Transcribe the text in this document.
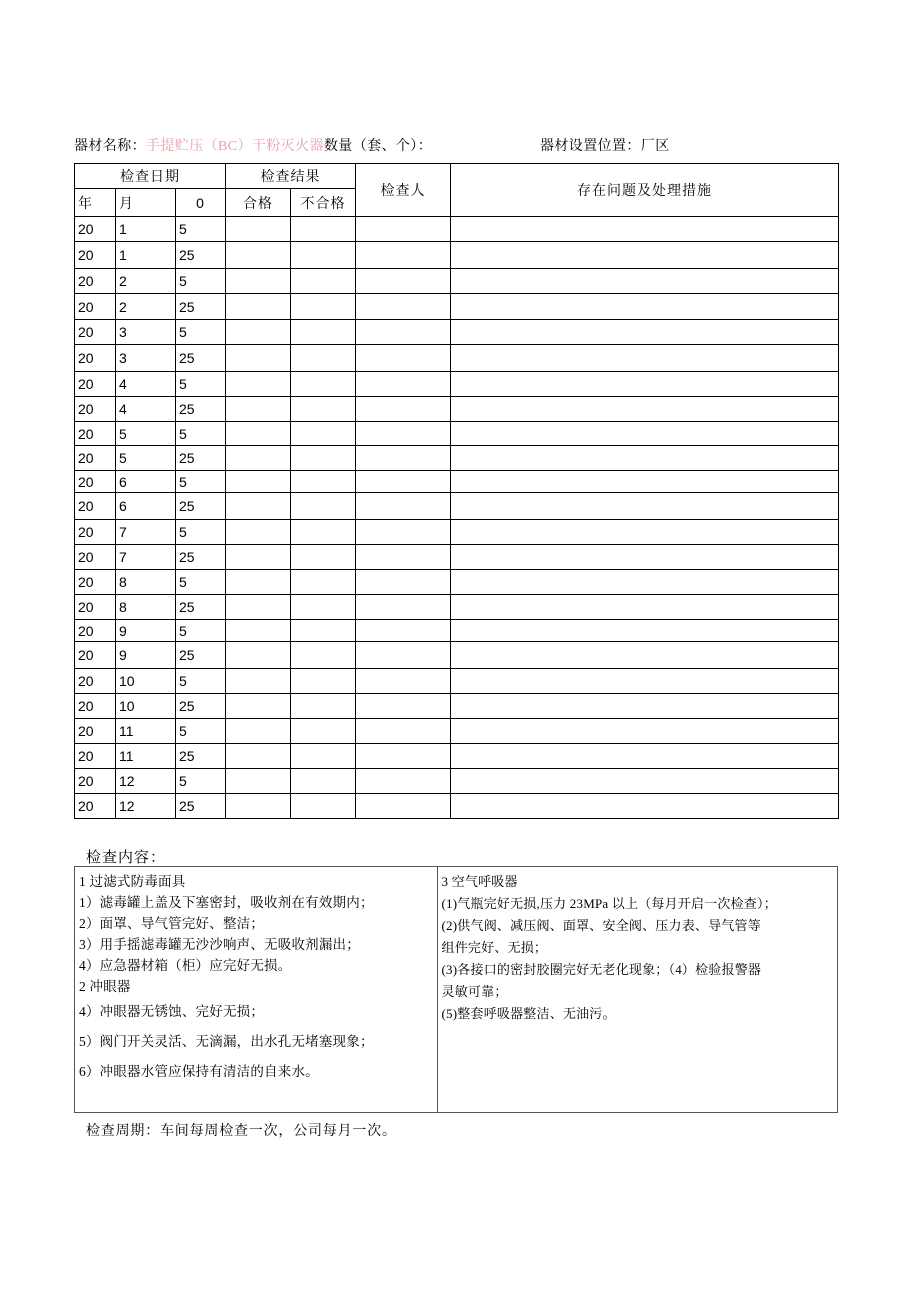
器材名称：手提贮压（BC）干粉灭火器数量（套、个）：	器材设置位置：厂区
检查日期			检查结果		检查人	存在问题及处理措施
年	月	0	合格	不合格		
20	1	5				
20	1	25				
20	2	5				
20	2	25				
20	3	5				
20	3	25				
20	4	5				
20	4	25				
20	5	5				
20	5	25				
20	6	5				
20	6	25				
20	7	5				
20	7	25				
20	8	5				
20	8	25				
20	9	5				
20	9	25				
20	10	5				
20	10	25				
20	11	5				
20	11	25				
20	12	5				
20	12	25				
检查内容：

1 过滤式防毒面具

1）滤毒罐上盖及下塞密封，吸收剂在有效期内；

2）面罩、导气管完好、整洁；

3）用手摇滤毒罐无沙沙响声、无吸收剂漏出；

4）应急器材箱（柜）应完好无损。

2 冲眼器

4）冲眼器无锈蚀、完好无损；

5）阀门开关灵活、无滴漏，出水孔无堵塞现象；

6）冲眼器水管应保持有清洁的自来水。

3 空气呼吸器

(1)气瓶完好无损,压力 23MPa 以上（每月开启一次检查）；

(2)供气阀、减压阀、面罩、安全阀、压力表、导气管等

组件完好、无损；

(3)各接口的密封胶圈完好无老化现象；（4）检验报警器

灵敏可靠；

(5)整套呼吸器整洁、无油污。

检查周期：车间每周检查一次，公司每月一次。
